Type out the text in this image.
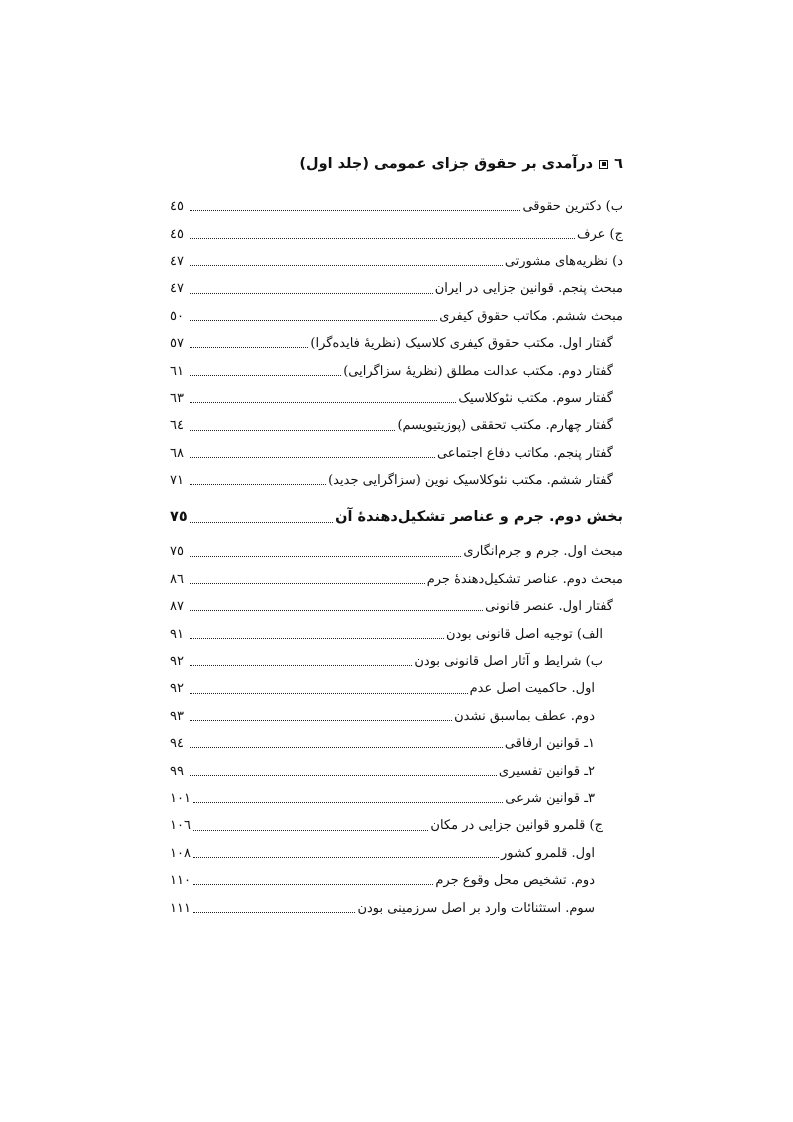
٦
درآمدی بر حقوق جزای عمومی (جلد اول)
ب) دکترین حقوقی
٤٥
ج) عرف
٤٥
د) نظریه‌های مشورتی
٤٧
مبحث پنجم. قوانین جزایی در ایران
٤٧
مبحث ششم. مکاتب حقوق کیفری
٥٠
گفتار اول. مکتب حقوق کیفری کلاسیک (نظریهٔ فایده‌گرا)
٥٧
گفتار دوم. مکتب عدالت مطلق (نظریهٔ سزاگرایی)
٦١
گفتار سوم. مکتب نئوکلاسیک
٦٣
گفتار چهارم. مکتب تحققی (پوزیتیویسم)
٦٤
گفتار پنجم. مکاتب دفاع اجتماعی
٦٨
گفتار ششم. مکتب نئوکلاسیک نوین (سزاگرایی جدید)
٧١
بخش دوم. جرم و عناصر تشکیل‌دهندهٔ آن
٧٥
مبحث اول. جرم و جرم‌انگاری
٧٥
مبحث دوم. عناصر تشکیل‌دهندهٔ جرم
٨٦
گفتار اول. عنصر قانونی
٨٧
الف) توجیه اصل قانونی بودن
٩١
ب) شرایط و آثار اصل قانونی بودن
٩٢
اول. حاکمیت اصل عدم
٩٢
دوم. عطف بماسبق نشدن
٩٣
١ـ قوانین ارفاقی
٩٤
٢ـ قوانین تفسیری
٩٩
٣ـ قوانین شرعی
١٠١
ج) قلمرو قوانین جزایی در مکان
١٠٦
اول. قلمرو کشور
١٠٨
دوم. تشخیص محل وقوع جرم
١١٠
سوم. استثنائات وارد بر اصل سرزمینی بودن
١١١
